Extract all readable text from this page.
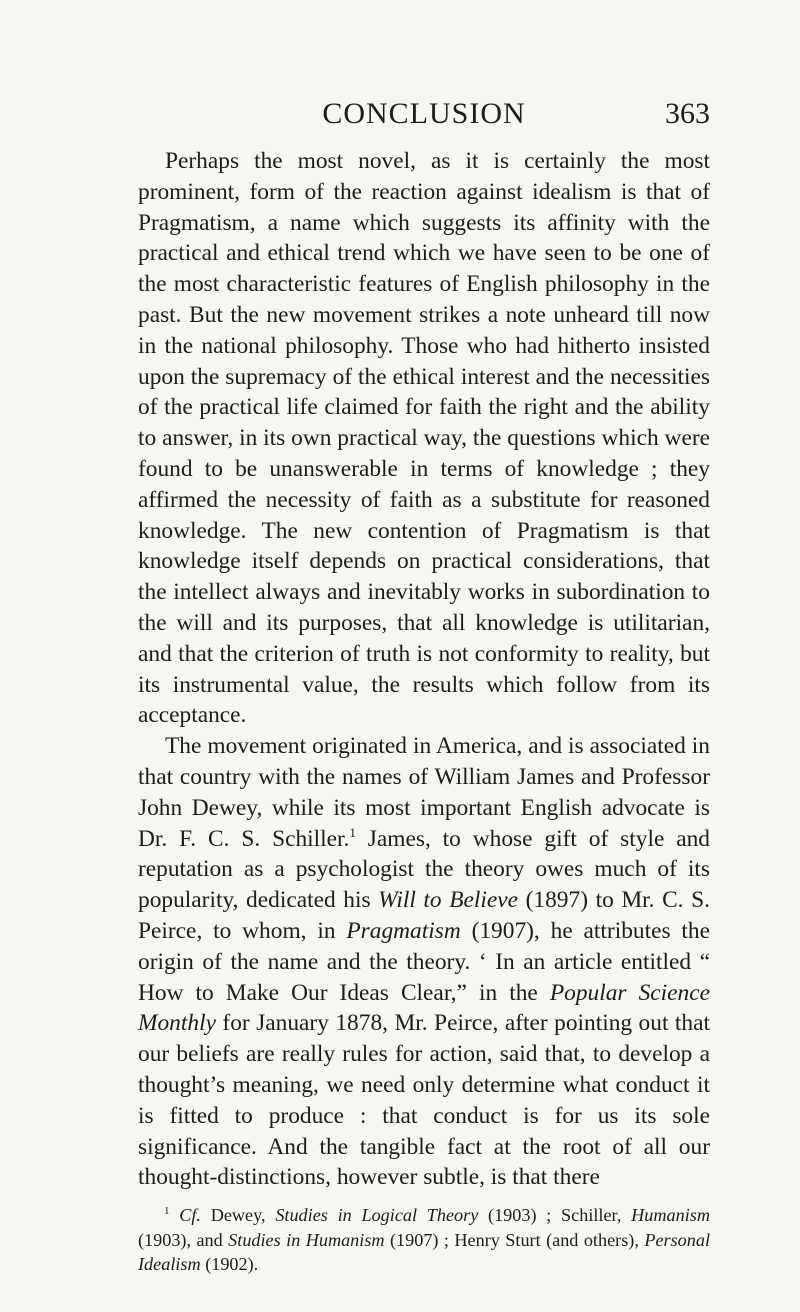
CONCLUSION	363

Perhaps the most novel, as it is certainly the most prominent, form of the reaction against idealism is that of Pragmatism, a name which suggests its affinity with the practical and ethical trend which we have seen to be one of the most characteristic features of English philosophy in the past. But the new movement strikes a note unheard till now in the national philosophy. Those who had hitherto insisted upon the supremacy of the ethical interest and the necessities of the practical life claimed for faith the right and the ability to answer, in its own practical way, the questions which were found to be unanswerable in terms of knowledge ; they affirmed the necessity of faith as a substitute for reasoned knowledge. The new contention of Pragmatism is that knowledge itself depends on practical considerations, that the intellect always and inevitably works in subordination to the will and its purposes, that all knowledge is utilitarian, and that the criterion of truth is not conformity to reality, but its instrumental value, the results which follow from its acceptance.

The movement originated in America, and is associated in that country with the names of William James and Professor John Dewey, while its most important English advocate is Dr. F. C. S. Schiller.$^1$ James, to whose gift of style and reputation as a psychologist the theory owes much of its popularity, dedicated his Will to Believe (1897) to Mr. C. S. Peirce, to whom, in Pragmatism (1907), he attributes the origin of the name and the theory. ‘ In an article entitled “ How to Make Our Ideas Clear,” in the Popular Science Monthly for January 1878, Mr. Peirce, after pointing out that our beliefs are really rules for action, said that, to develop a thought’s meaning, we need only determine what conduct it is fitted to produce : that conduct is for us its sole significance. And the tangible fact at the root of all our thought-distinctions, however subtle, is that there

$^1$ Cf. Dewey, Studies in Logical Theory (1903) ; Schiller, Humanism (1903), and Studies in Humanism (1907) ; Henry Sturt (and others), Personal Idealism (1902).
